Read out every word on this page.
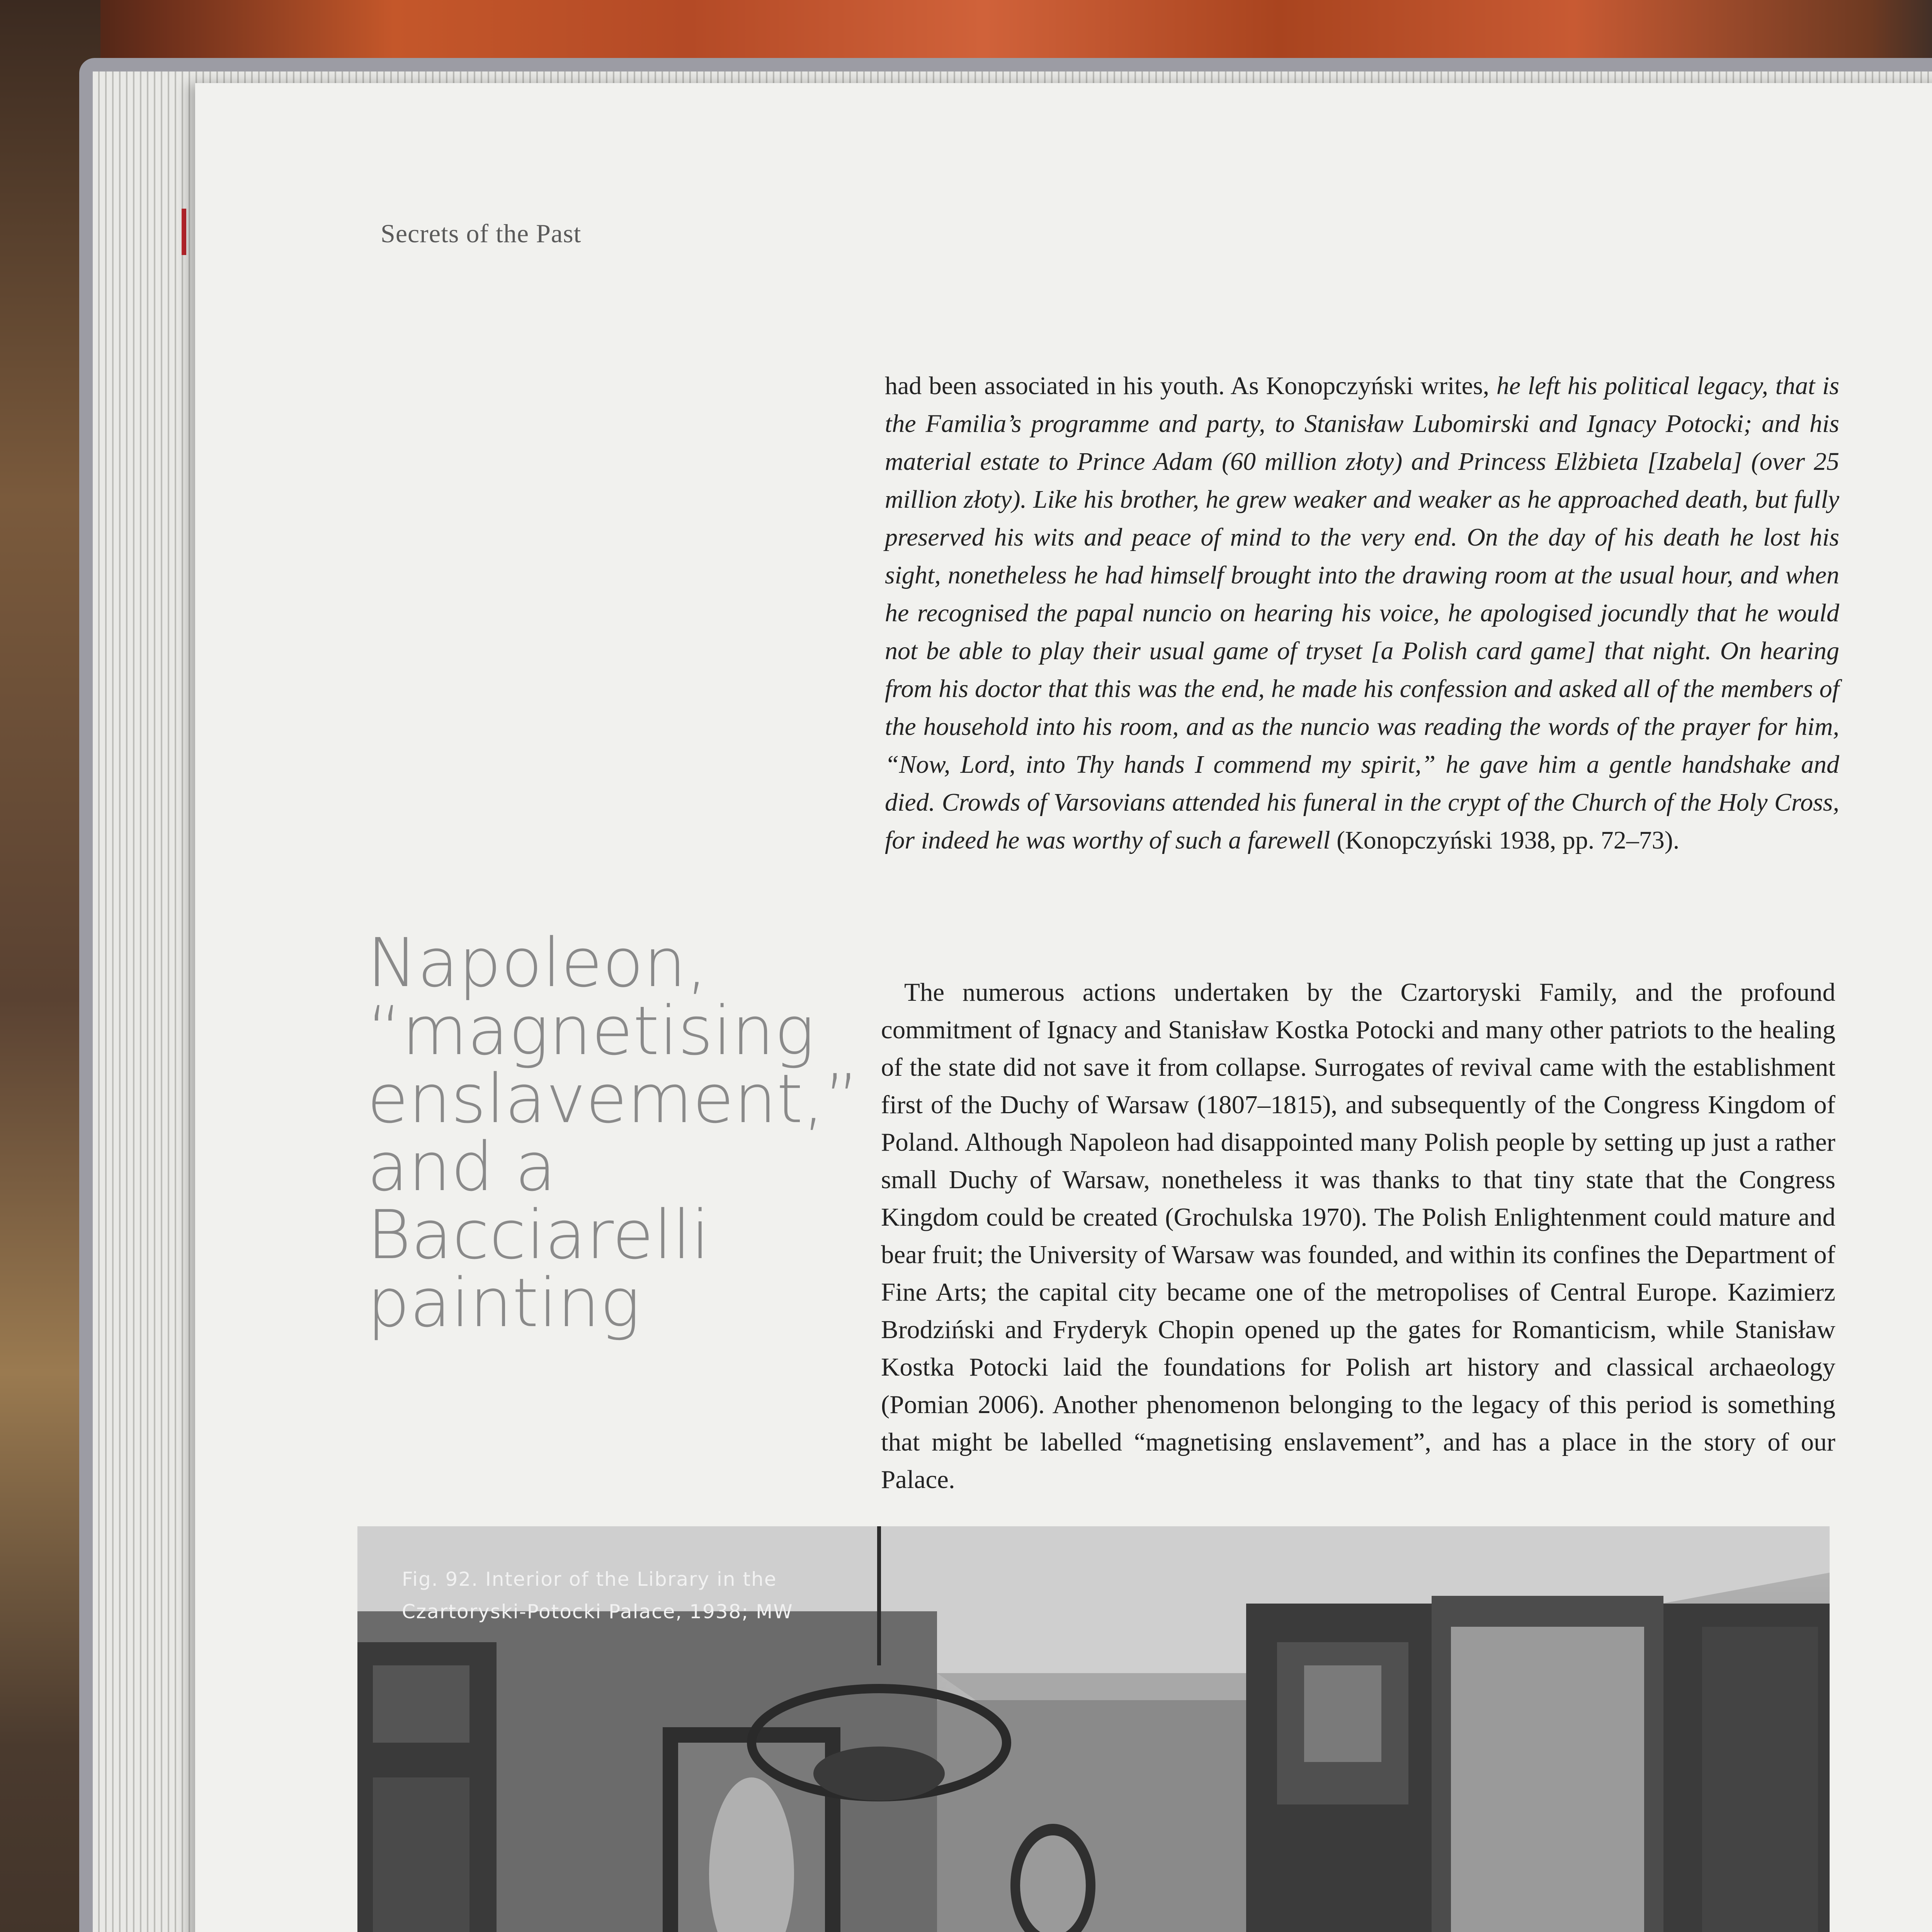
Secrets of the Past
had been associated in his youth. As Konopczyński writes, he left his political legacy, that is the Familia’s programme and party, to Stanisław Lubomirski and Ignacy Potocki; and his material estate to Prince Adam (60 million złoty) and Princess Elżbieta [Izabela] (over 25 million złoty). Like his brother, he grew weaker and weaker as he approached death, but fully preserved his wits and peace of mind to the very end. On the day of his death he lost his sight, nonetheless he had himself brought into the drawing room at the usual hour, and when he recognised the papal nuncio on hearing his voice, he apologised jocundly that he would not be able to play their usual game of tryset [a Polish card game] that night. On hearing from his doctor that this was the end, he made his confession and asked all of the members of the household into his room, and as the nuncio was reading the words of the prayer for him, “Now, Lord, into Thy hands I commend my spirit,” he gave him a gentle handshake and died. Crowds of Varsovians attended his funeral in the crypt of the Church of the Holy Cross, for indeed he was worthy of such a farewell (Konopczyński 1938, pp. 72–73).
Napoleon,
“magnetising
enslavement,”
and a
Bacciarelli
painting
The numerous actions undertaken by the Czartoryski Family, and the profound commitment of Ignacy and Stanisław Kostka Potocki and many other patriots to the healing of the state did not save it from collapse. Surrogates of revival came with the establishment first of the Duchy of Warsaw (1807–1815), and subsequently of the Congress Kingdom of Poland. Although Napoleon had disappointed many Polish people by setting up just a rather small Duchy of Warsaw, nonetheless it was thanks to that tiny state that the Congress Kingdom could be created (Grochulska 1970). The Polish Enlightenment could mature and bear fruit; the University of Warsaw was founded, and within its confines the Department of Fine Arts; the capital city became one of the metropolises of Central Europe. Kazimierz Brodziński and Fryderyk Chopin opened up the gates for Romanticism, while Stanisław Kostka Potocki laid the foundations for Polish art history and classical archaeology (Pomian 2006). Another phenomenon belonging to the legacy of this period is something that might be labelled “magnetising enslavement”, and has a place in the story of our Palace.
Fig. 92. Interior of the Library in the
Czartoryski-Potocki Palace, 1938; MW
